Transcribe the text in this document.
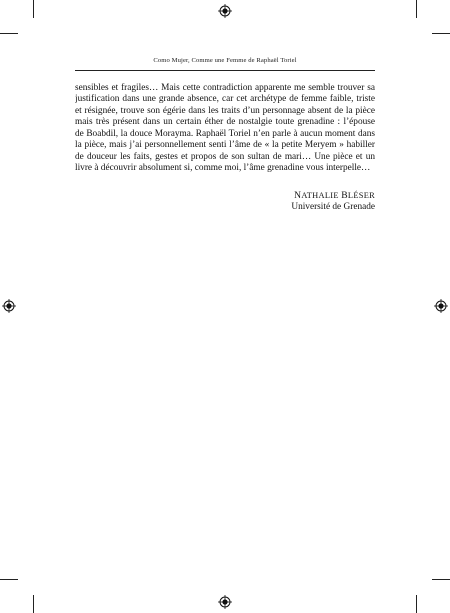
Como Mujer, Comme une Femme de Raphaël Toriel
sensibles et fragiles… Mais cette contradiction apparente me semble trouver sa
justification dans une grande absence, car cet archétype de femme faible, triste
et résignée, trouve son égérie dans les traits d’un personnage absent de la pièce
mais très présent dans un certain éther de nostalgie toute grenadine : l’épouse
de Boabdil, la douce Morayma. Raphaël Toriel n’en parle à aucun moment dans
la pièce, mais j’ai personnellement senti l’âme de « la petite Meryem » habiller
de douceur les faits, gestes et propos de son sultan de mari… Une pièce et un
livre à découvrir absolument si, comme moi, l’âme grenadine vous interpelle…
NATHALIE BLÉSER
Université de Grenade
